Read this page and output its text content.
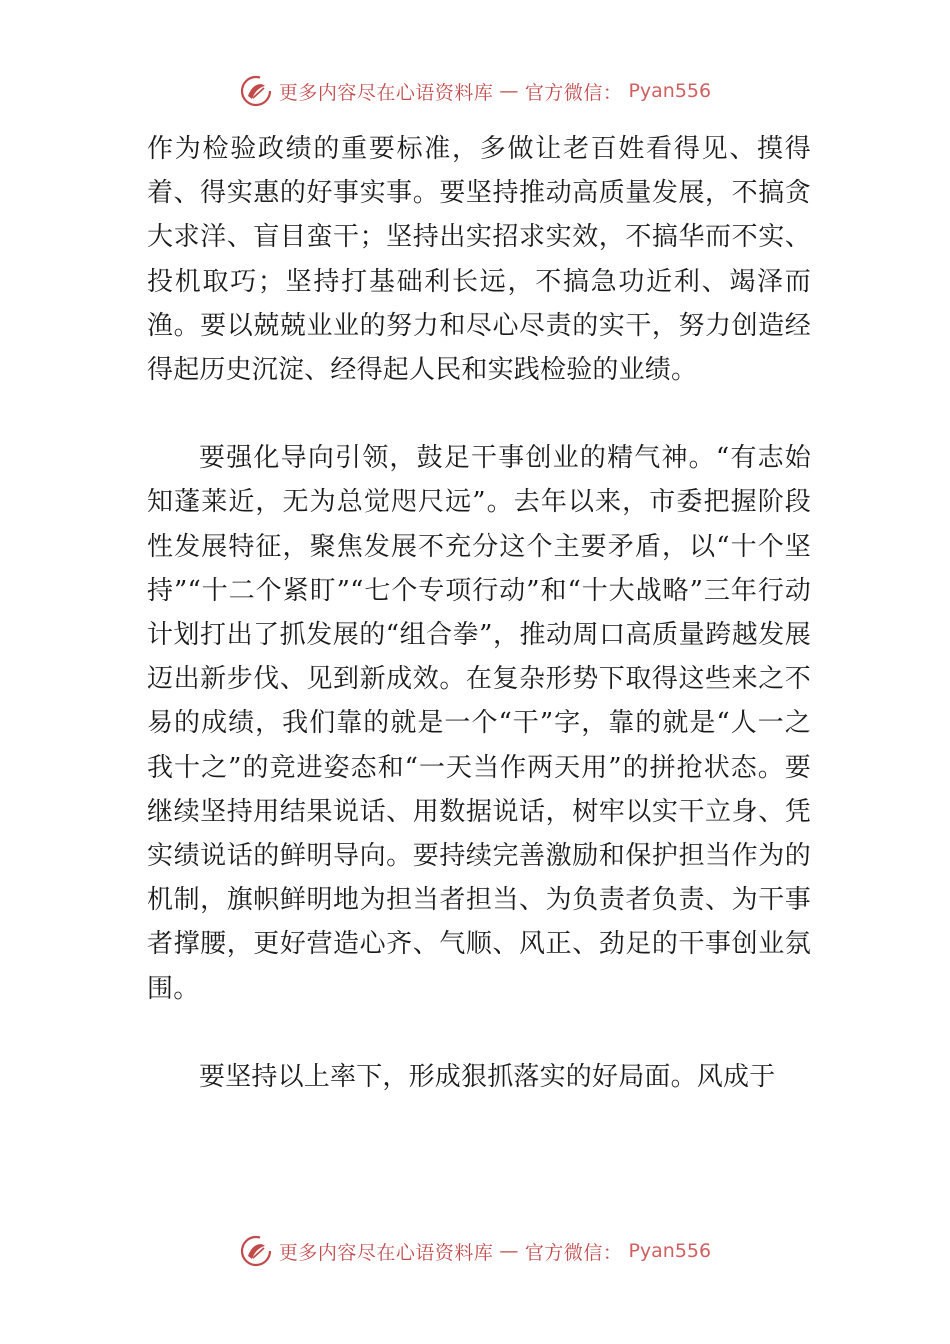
更多内容尽在心语资料库 — 官方微信： Pyan556

作为检验政绩的重要标准，多做让老百姓看得见、摸得着、得实惠的好事实事。要坚持推动高质量发展，不搞贪大求洋、盲目蛮干；坚持出实招求实效，不搞华而不实、投机取巧；坚持打基础利长远，不搞急功近利、竭泽而渔。要以兢兢业业的努力和尽心尽责的实干，努力创造经得起历史沉淀、经得起人民和实践检验的业绩。

要强化导向引领，鼓足干事创业的精气神。“有志始知蓬莱近，无为总觉咫尺远”。去年以来，市委把握阶段性发展特征，聚焦发展不充分这个主要矛盾，以“十个坚持”“十二个紧盯”“七个专项行动”和“十大战略”三年行动计划打出了抓发展的“组合拳”，推动周口高质量跨越发展迈出新步伐、见到新成效。在复杂形势下取得这些来之不易的成绩，我们靠的就是一个“干”字，靠的就是“人一之我十之”的竞进姿态和“一天当作两天用”的拼抢状态。要继续坚持用结果说话、用数据说话，树牢以实干立身、凭实绩说话的鲜明导向。要持续完善激励和保护担当作为的机制，旗帜鲜明地为担当者担当、为负责者负责、为干事者撑腰，更好营造心齐、气顺、风正、劲足的干事创业氛围。

要坚持以上率下，形成狠抓落实的好局面。风成于

更多内容尽在心语资料库 — 官方微信： Pyan556
